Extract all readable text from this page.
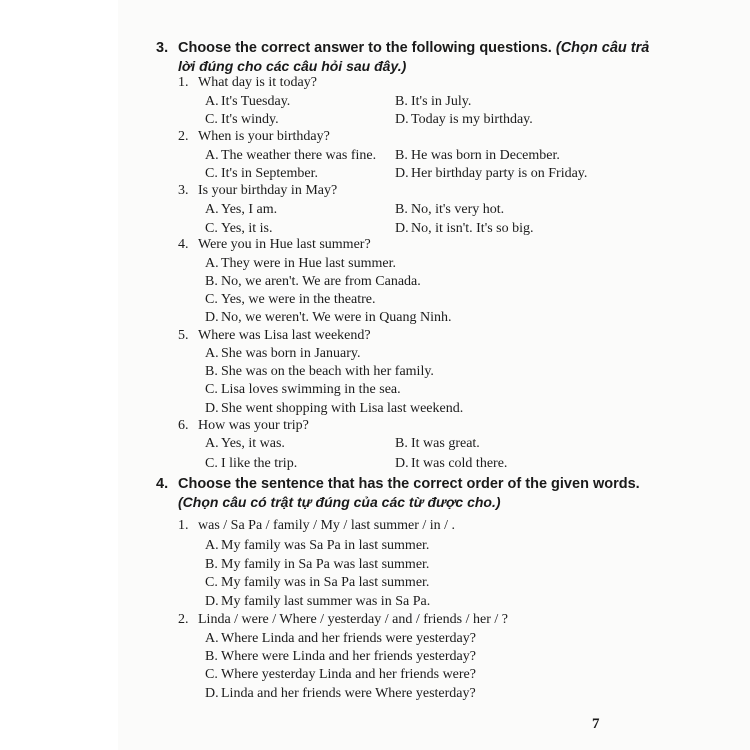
3. Choose the correct answer to the following questions. (Chọn câu trả
lời đúng cho các câu hỏi sau đây.)
1. What day is it today?
A. It's Tuesday.	B. It's in July.
C. It's windy.	D. Today is my birthday.
2. When is your birthday?
A. The weather there was fine. B. He was born in December.
C. It's in September.	D. Her birthday party is on Friday.
3. Is your birthday in May?
A. Yes, I am.	B. No, it's very hot.
C. Yes, it is.	D. No, it isn't. It's so big.
4. Were you in Hue last summer?
A. They were in Hue last summer.
B. No, we aren't. We are from Canada.
C. Yes, we were in the theatre.
D. No, we weren't. We were in Quang Ninh.
5. Where was Lisa last weekend?
A. She was born in January.
B. She was on the beach with her family.
C. Lisa loves swimming in the sea.
D. She went shopping with Lisa last weekend.
6. How was your trip?
A. Yes, it was.	B. It was great.
C. I like the trip.	D. It was cold there.
4. Choose the sentence that has the correct order of the given words.
(Chọn câu có trật tự đúng của các từ được cho.)
1. was / Sa Pa / family / My / last summer / in / .
A. My family was Sa Pa in last summer.
B. My family in Sa Pa was last summer.
C. My family was in Sa Pa last summer.
D. My family last summer was in Sa Pa.
2. Linda / were / Where / yesterday / and / friends / her / ?
A. Where Linda and her friends were yesterday?
B. Where were Linda and her friends yesterday?
C. Where yesterday Linda and her friends were?
D. Linda and her friends were Where yesterday?
7
